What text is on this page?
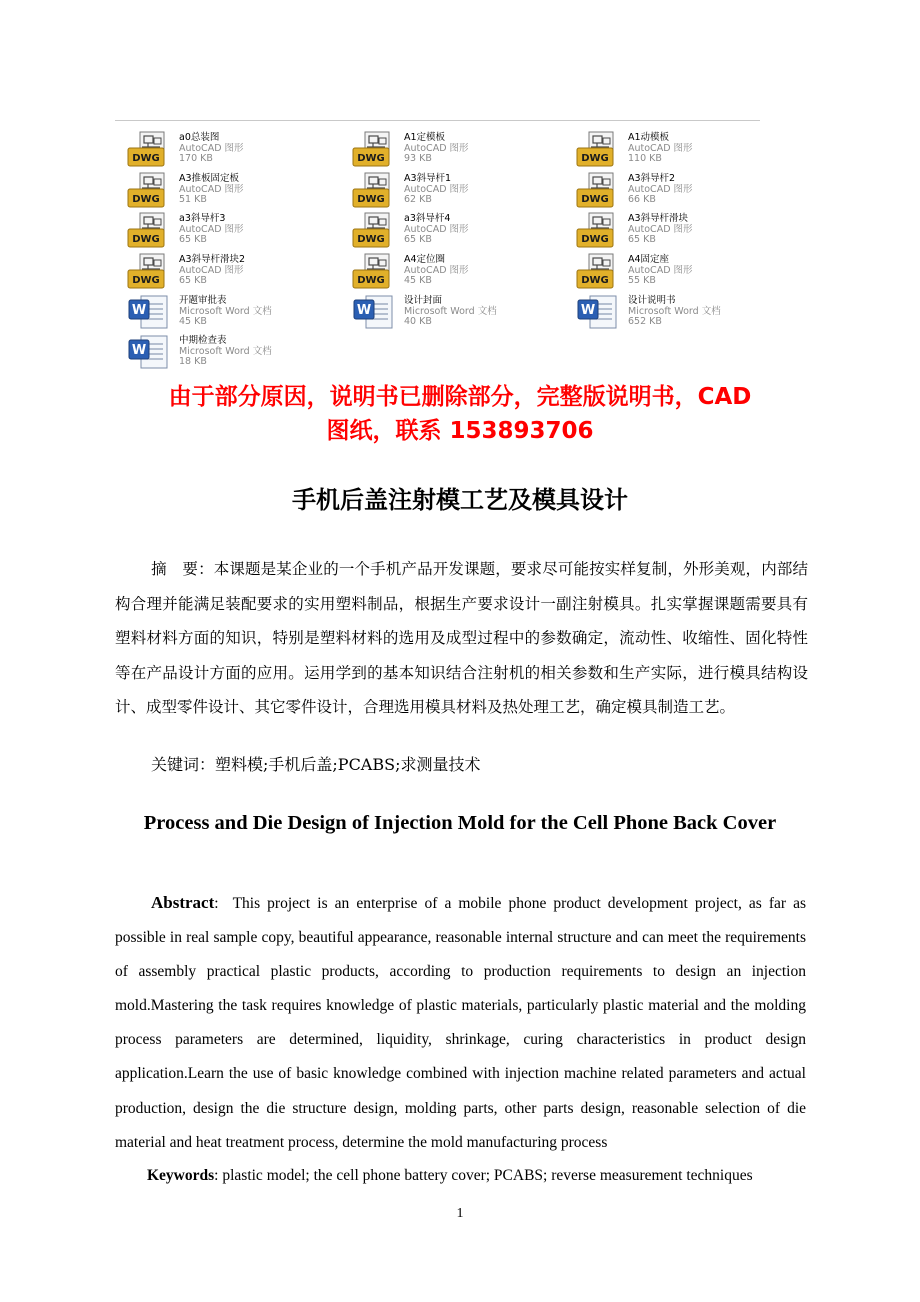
DWG
a0总装图
AutoCAD 图形
170 KB	DWG
A1定模板
AutoCAD 图形
93 KB	DWG
A1动模板
AutoCAD 图形
110 KB
DWG
A3推板固定板
AutoCAD 图形
51 KB	DWG
A3斜导杆1
AutoCAD 图形
62 KB	DWG
A3斜导杆2
AutoCAD 图形
66 KB
DWG
a3斜导杆3
AutoCAD 图形
65 KB	DWG
a3斜导杆4
AutoCAD 图形
65 KB	DWG
A3斜导杆滑块
AutoCAD 图形
65 KB
DWG
A3斜导杆滑块2
AutoCAD 图形
65 KB	DWG
A4定位圈
AutoCAD 图形
45 KB	DWG
A4固定座
AutoCAD 图形
55 KB
W
开题审批表
Microsoft Word 文档
45 KB
W
设计封面
Microsoft Word 文档
40 KB
W
设计说明书
Microsoft Word 文档
652 KB
W
中期检查表
Microsoft Word 文档
18 KB
由于部分原因，说明书已删除部分，完整版说明书，CAD
图纸，联系 153893706
手机后盖注射模工艺及模具设计
摘　要：本课题是某企业的一个手机产品开发课题，要求尽可能按实样复制，外形美观，内部结构合理并能满足装配要求的实用塑料制品，根据生产要求设计一副注射模具。扎实掌握课题需要具有塑料材料方面的知识，特别是塑料材料的选用及成型过程中的参数确定，流动性、收缩性、固化特性等在产品设计方面的应用。运用学到的基本知识结合注射机的相关参数和生产实际，进行模具结构设计、成型零件设计、其它零件设计，合理选用模具材料及热处理工艺，确定模具制造工艺。
关键词：塑料模;手机后盖;PCABS;求测量技术
Process and Die Design of Injection Mold for the Cell Phone Back Cover
Abstract: This project is an enterprise of a mobile phone product development project, as far as possible in real sample copy, beautiful appearance, reasonable internal structure and can meet the requirements of assembly practical plastic products, according to production requirements to design an injection mold.Mastering the task requires knowledge of plastic materials, particularly plastic material and the molding process parameters are determined, liquidity, shrinkage, curing characteristics in product design application.Learn the use of basic knowledge combined with injection machine related parameters and actual production, design the die structure design, molding parts, other parts design, reasonable selection of die material and heat treatment process, determine the mold manufacturing process
Keywords: plastic model; the cell phone battery cover; PCABS; reverse measurement techniques
1
